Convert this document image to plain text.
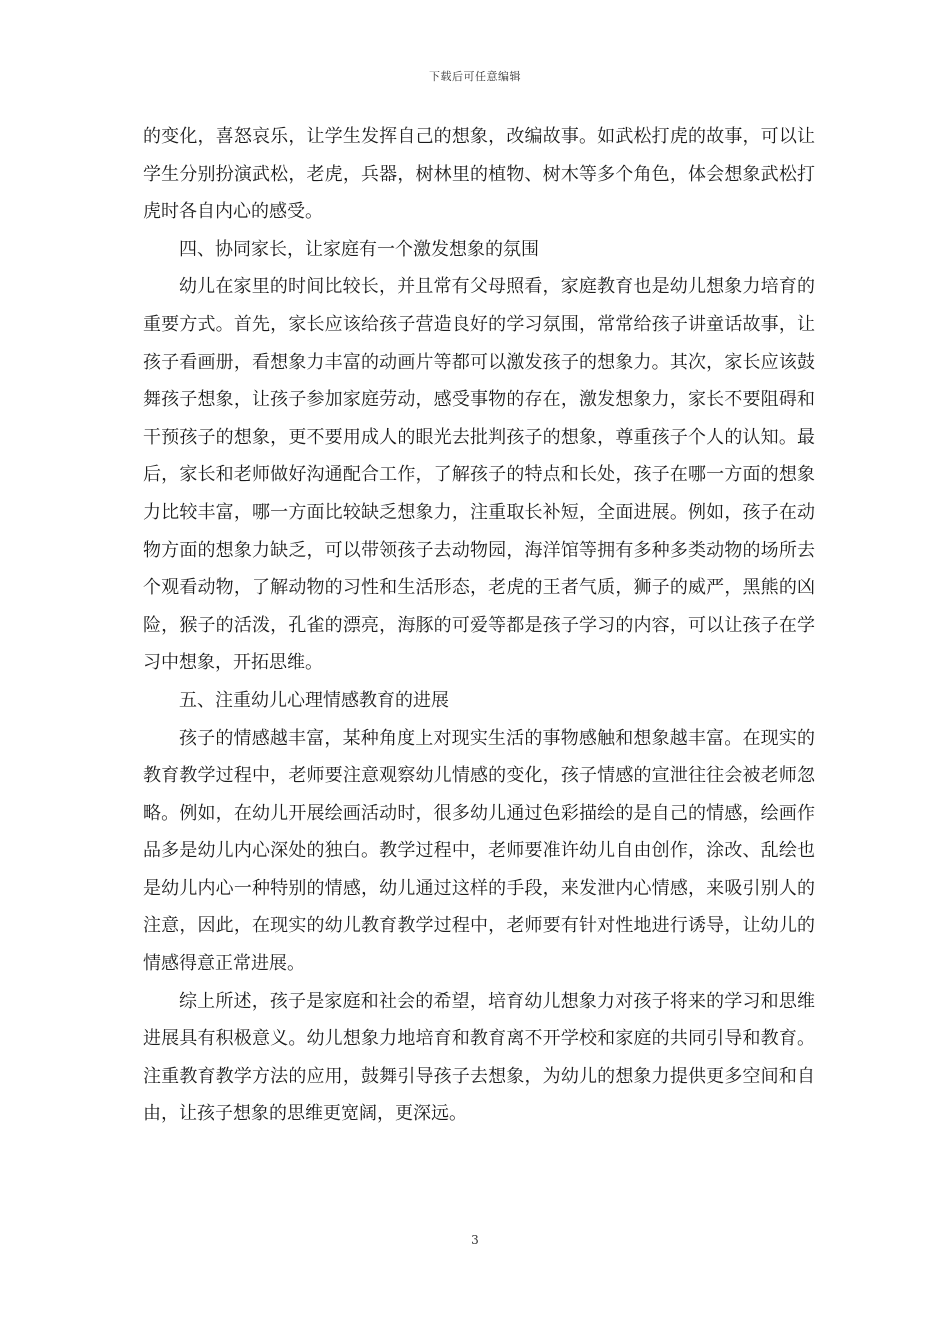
下载后可任意编辑

的变化，喜怒哀乐，让学生发挥自己的想象，改编故事。如武松打虎的故事，可以让学生分别扮演武松，老虎，兵器，树林里的植物、树木等多个角色，体会想象武松打虎时各自内心的感受。

四、协同家长，让家庭有一个激发想象的氛围

幼儿在家里的时间比较长，并且常有父母照看，家庭教育也是幼儿想象力培育的重要方式。首先，家长应该给孩子营造良好的学习氛围，常常给孩子讲童话故事，让孩子看画册，看想象力丰富的动画片等都可以激发孩子的想象力。其次，家长应该鼓舞孩子想象，让孩子参加家庭劳动，感受事物的存在，激发想象力，家长不要阻碍和干预孩子的想象，更不要用成人的眼光去批判孩子的想象，尊重孩子个人的认知。最后，家长和老师做好沟通配合工作，了解孩子的特点和长处，孩子在哪一方面的想象力比较丰富，哪一方面比较缺乏想象力，注重取长补短，全面进展。例如，孩子在动物方面的想象力缺乏，可以带领孩子去动物园，海洋馆等拥有多种多类动物的场所去个观看动物，了解动物的习性和生活形态，老虎的王者气质，狮子的威严，黑熊的凶险，猴子的活泼，孔雀的漂亮，海豚的可爱等都是孩子学习的内容，可以让孩子在学习中想象，开拓思维。

五、注重幼儿心理情感教育的进展

孩子的情感越丰富，某种角度上对现实生活的事物感触和想象越丰富。在现实的教育教学过程中，老师要注意观察幼儿情感的变化，孩子情感的宣泄往往会被老师忽略。例如，在幼儿开展绘画活动时，很多幼儿通过色彩描绘的是自己的情感，绘画作品多是幼儿内心深处的独白。教学过程中，老师要准许幼儿自由创作，涂改、乱绘也是幼儿内心一种特别的情感，幼儿通过这样的手段，来发泄内心情感，来吸引别人的注意，因此，在现实的幼儿教育教学过程中，老师要有针对性地进行诱导，让幼儿的情感得意正常进展。

综上所述，孩子是家庭和社会的希望，培育幼儿想象力对孩子将来的学习和思维进展具有积极意义。幼儿想象力地培育和教育离不开学校和家庭的共同引导和教育。注重教育教学方法的应用，鼓舞引导孩子去想象，为幼儿的想象力提供更多空间和自由，让孩子想象的思维更宽阔，更深远。

3
